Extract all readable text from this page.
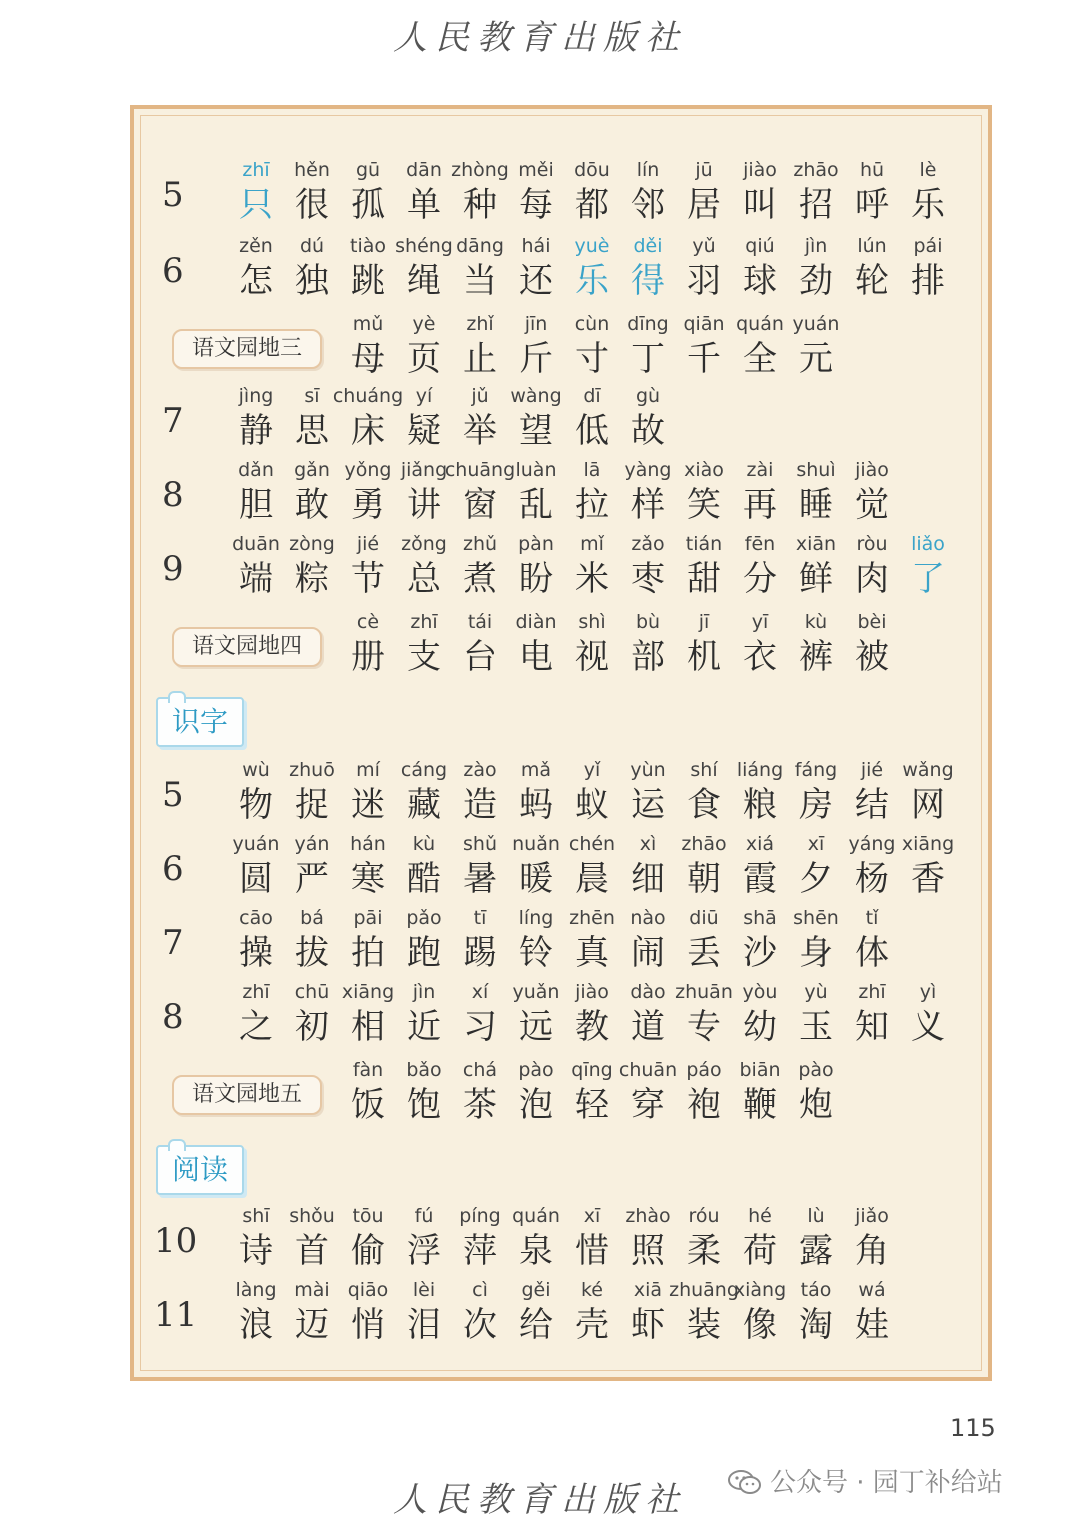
人民教育出版社
5
zhī
只
hěn
很
gū
孤
dān
单
zhòng
种
měi
每
dōu
都
lín
邻
jū
居
jiào
叫
zhāo
招
hū
呼
lè
乐
6
zěn
怎
dú
独
tiào
跳
shéng
绳
dāng
当
hái
还
yuè
乐
děi
得
yǔ
羽
qiú
球
jìn
劲
lún
轮
pái
排
语文园地三
mǔ
母
yè
页
zhǐ
止
jīn
斤
cùn
寸
dīng
丁
qiān
千
quán
全
yuán
元
7
jìng
静
sī
思
chuáng
床
yí
疑
jǔ
举
wàng
望
dī
低
gù
故
8
dǎn
胆
gǎn
敢
yǒng
勇
jiǎng
讲
chuāng
窗
luàn
乱
lā
拉
yàng
样
xiào
笑
zài
再
shuì
睡
jiào
觉
9
duān
端
zòng
粽
jié
节
zǒng
总
zhǔ
煮
pàn
盼
mǐ
米
zǎo
枣
tián
甜
fēn
分
xiān
鲜
ròu
肉
liǎo
了
语文园地四
cè
册
zhī
支
tái
台
diàn
电
shì
视
bù
部
jī
机
yī
衣
kù
裤
bèi
被
识字
5
wù
物
zhuō
捉
mí
迷
cáng
藏
zào
造
mǎ
蚂
yǐ
蚁
yùn
运
shí
食
liáng
粮
fáng
房
jié
结
wǎng
网
6
yuán
圆
yán
严
hán
寒
kù
酷
shǔ
暑
nuǎn
暖
chén
晨
xì
细
zhāo
朝
xiá
霞
xī
夕
yáng
杨
xiāng
香
7
cāo
操
bá
拔
pāi
拍
pǎo
跑
tī
踢
líng
铃
zhēn
真
nào
闹
diū
丢
shā
沙
shēn
身
tǐ
体
8
zhī
之
chū
初
xiāng
相
jìn
近
xí
习
yuǎn
远
jiào
教
dào
道
zhuān
专
yòu
幼
yù
玉
zhī
知
yì
义
语文园地五
fàn
饭
bǎo
饱
chá
茶
pào
泡
qīng
轻
chuān
穿
páo
袍
biān
鞭
pào
炮
阅读
10
shī
诗
shǒu
首
tōu
偷
fú
浮
píng
萍
quán
泉
xī
惜
zhào
照
róu
柔
hé
荷
lù
露
jiǎo
角
11
làng
浪
mài
迈
qiāo
悄
lèi
泪
cì
次
gěi
给
ké
壳
xiā
虾
zhuāng
装
xiàng
像
táo
淘
wá
娃
115
人民教育出版社	公众号 · 园丁补给站
